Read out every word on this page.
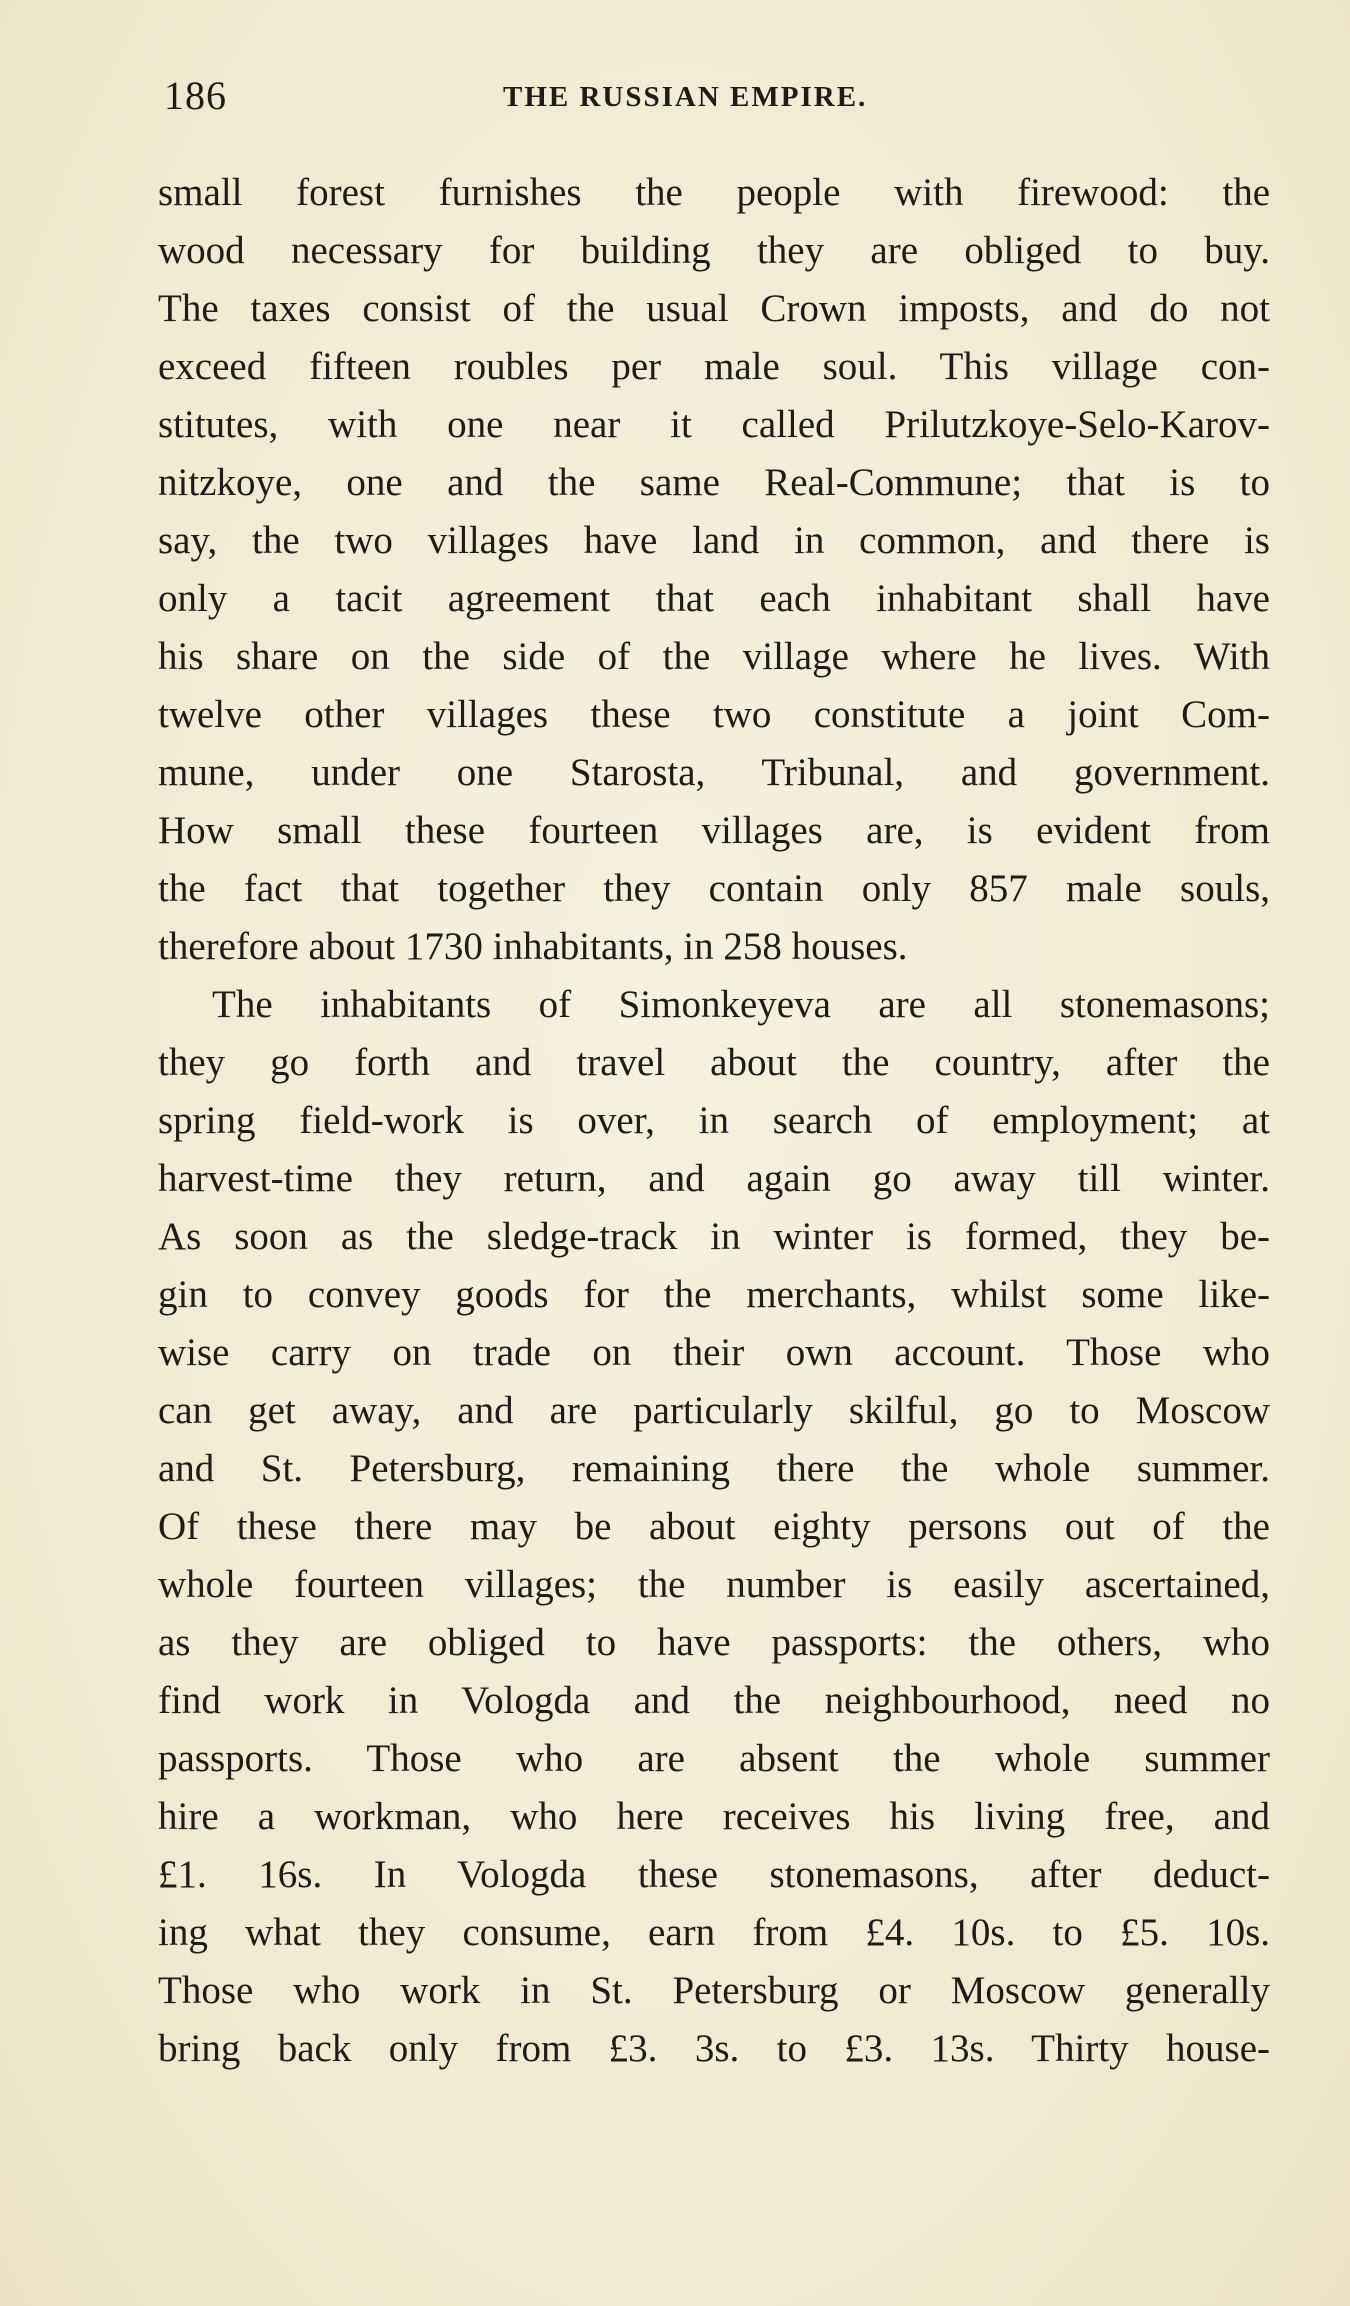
186	THE RUSSIAN EMPIRE.
small forest furnishes the people with firewood: the
wood necessary for building they are obliged to buy.
The taxes consist of the usual Crown imposts, and do not
exceed fifteen roubles per male soul. This village con-
stitutes, with one near it called Prilutzkoye-Selo-Karov-
nitzkoye, one and the same Real-Commune; that is to
say, the two villages have land in common, and there is
only a tacit agreement that each inhabitant shall have
his share on the side of the village where he lives. With
twelve other villages these two constitute a joint Com-
mune, under one Starosta, Tribunal, and government.
How small these fourteen villages are, is evident from
the fact that together they contain only 857 male souls,
therefore about 1730 inhabitants, in 258 houses.
The inhabitants of Simonkeyeva are all stonemasons;
they go forth and travel about the country, after the
spring field-work is over, in search of employment; at
harvest-time they return, and again go away till winter.
As soon as the sledge-track in winter is formed, they be-
gin to convey goods for the merchants, whilst some like-
wise carry on trade on their own account. Those who
can get away, and are particularly skilful, go to Moscow
and St. Petersburg, remaining there the whole summer.
Of these there may be about eighty persons out of the
whole fourteen villages; the number is easily ascertained,
as they are obliged to have passports: the others, who
find work in Vologda and the neighbourhood, need no
passports. Those who are absent the whole summer
hire a workman, who here receives his living free, and
£1. 16s. In Vologda these stonemasons, after deduct-
ing what they consume, earn from £4. 10s. to £5. 10s.
Those who work in St. Petersburg or Moscow generally
bring back only from £3. 3s. to £3. 13s. Thirty house-
